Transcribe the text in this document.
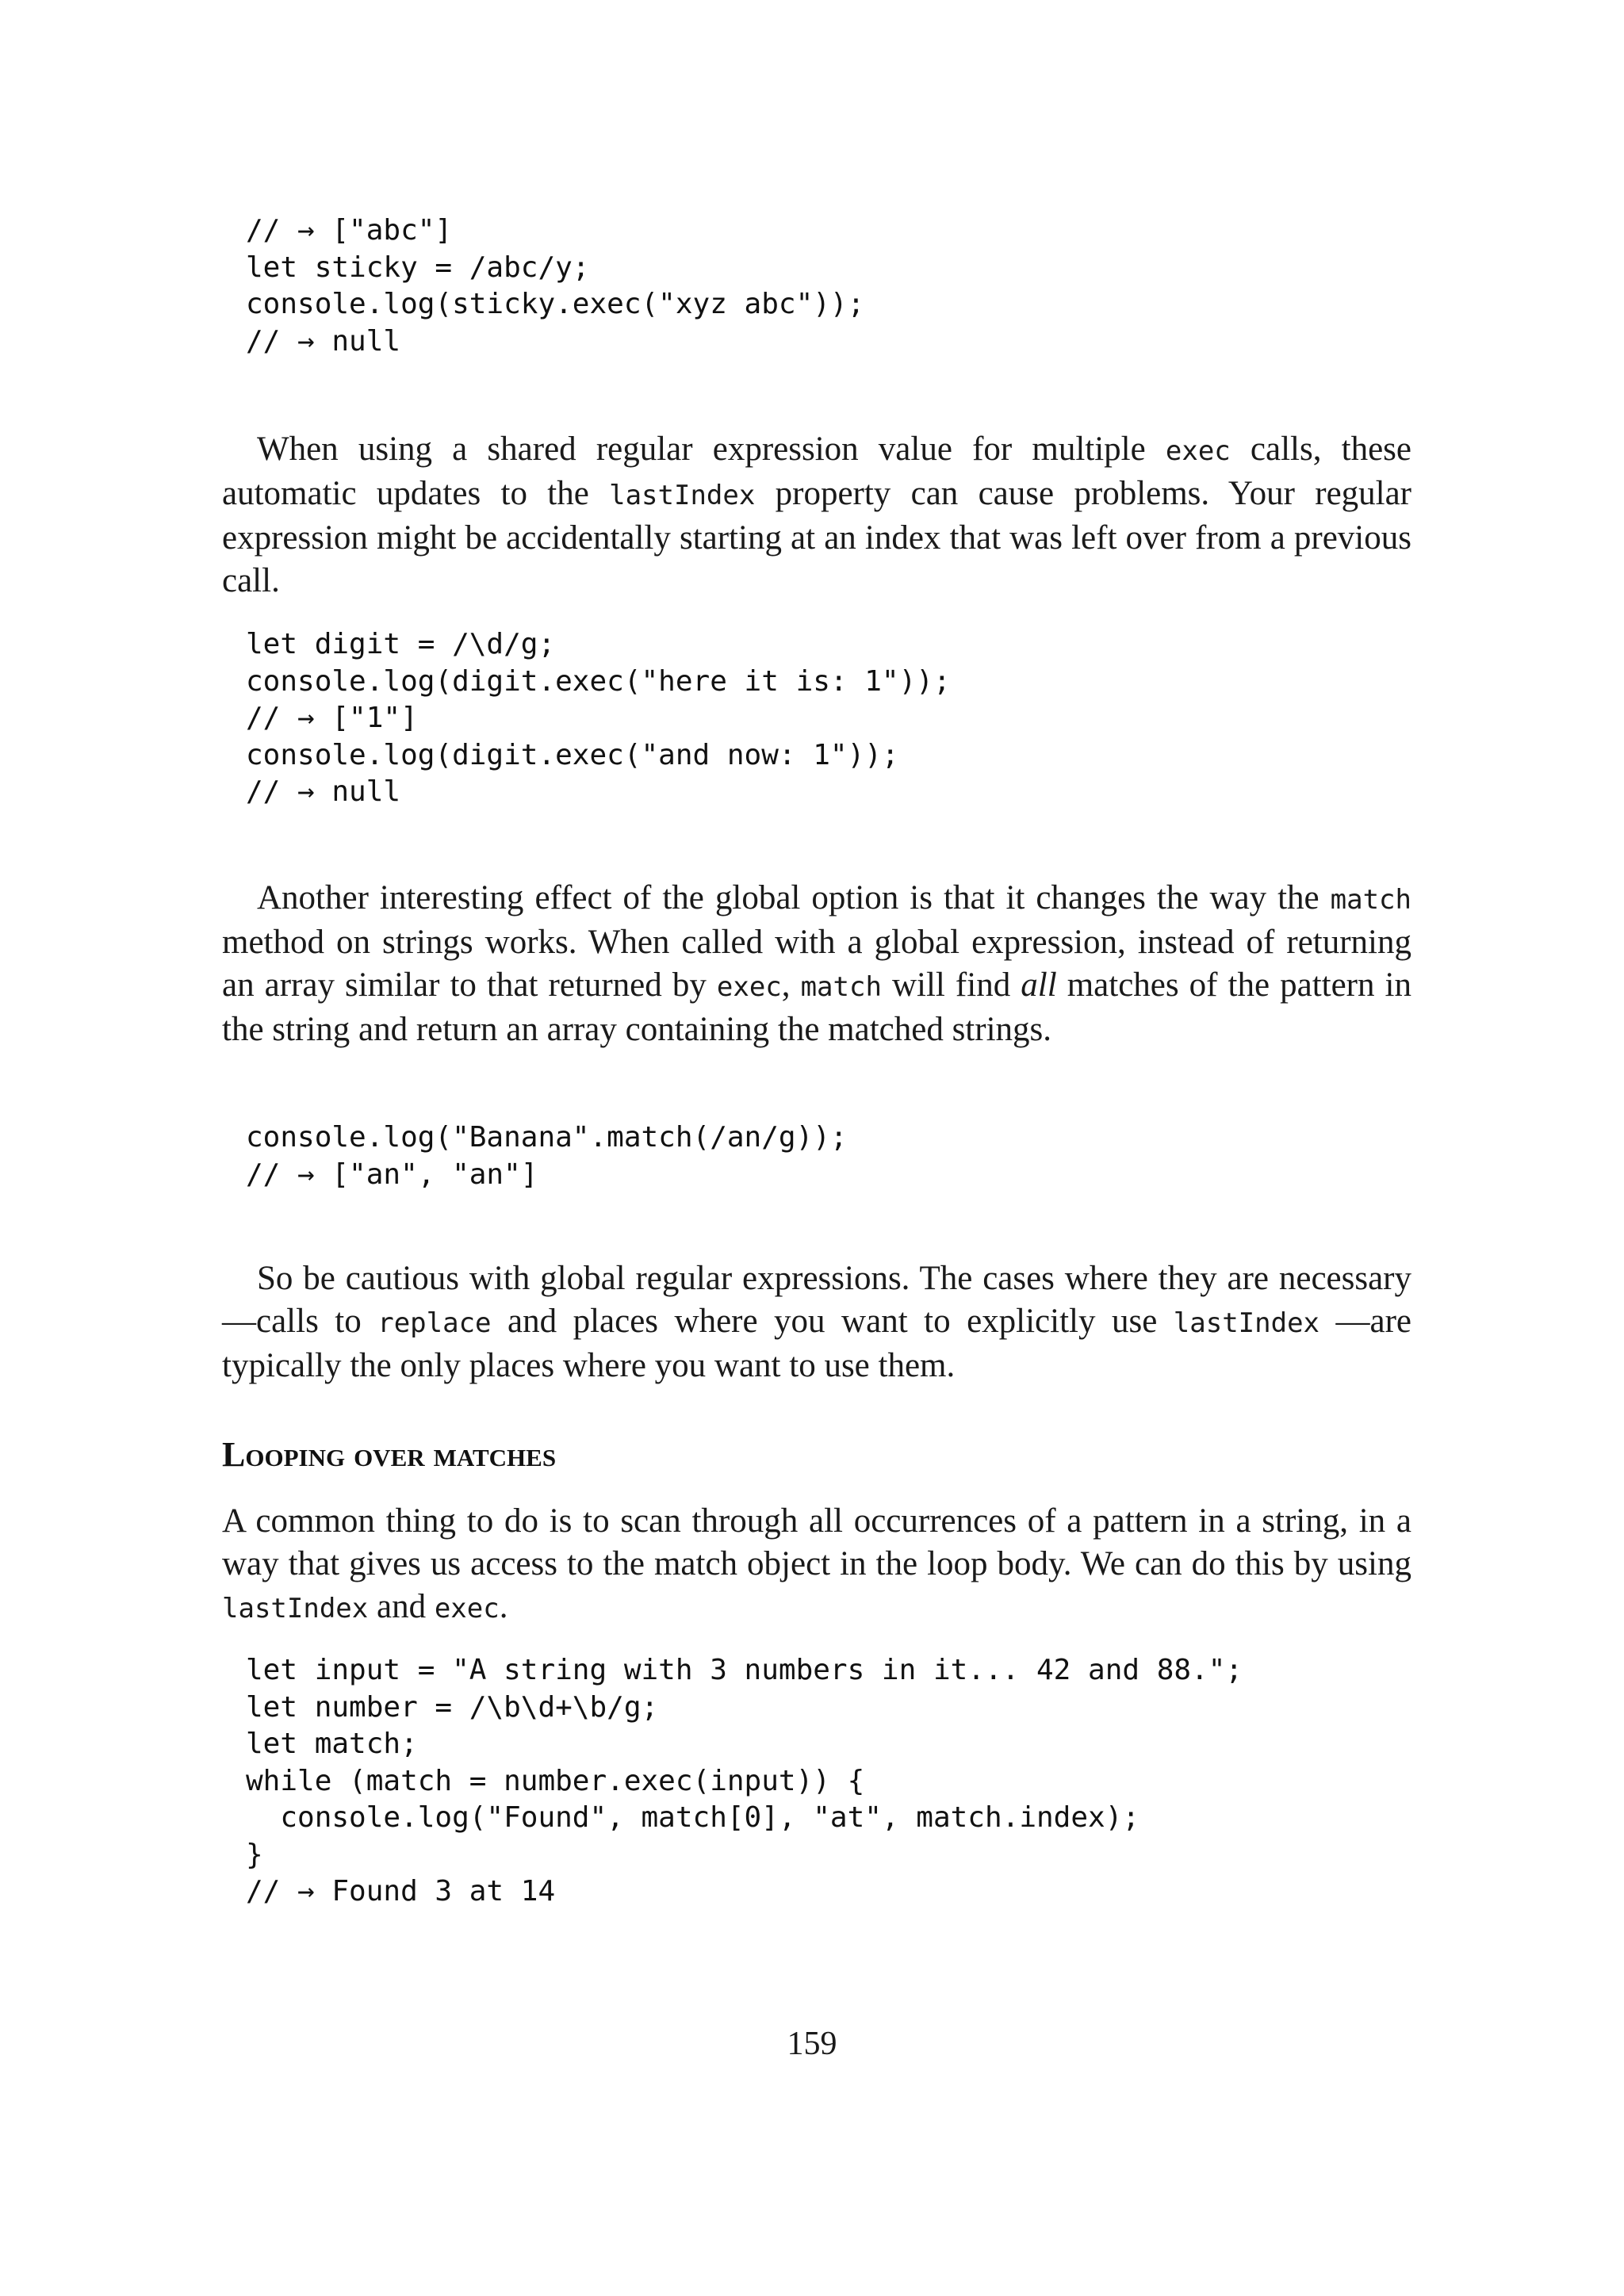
// → ["abc"]
let sticky = /abc/y;
console.log(sticky.exec("xyz abc"));
// → null

When using a shared regular expression value for multiple exec calls, these automatic updates to the lastIndex property can cause problems. Your regular expression might be accidentally starting at an index that was left over from a previous call.

let digit = /\d/g;
console.log(digit.exec("here it is: 1"));
// → ["1"]
console.log(digit.exec("and now: 1"));
// → null

Another interesting effect of the global option is that it changes the way the match method on strings works. When called with a global expression, instead of returning an array similar to that returned by exec, match will find all matches of the pattern in the string and return an array containing the matched strings.

console.log("Banana".match(/an/g));
// → ["an", "an"]

So be cautious with global regular expressions. The cases where they are necessary—calls to replace and places where you want to explicitly use lastIndex —are typically the only places where you want to use them.

Looping over matches

A common thing to do is to scan through all occurrences of a pattern in a string, in a way that gives us access to the match object in the loop body. We can do this by using lastIndex and exec.

let input = "A string with 3 numbers in it... 42 and 88.";
let number = /\b\d+\b/g;
let match;
while (match = number.exec(input)) {
console.log("Found", match[0], "at", match.index);
}
// → Found 3 at 14
159
